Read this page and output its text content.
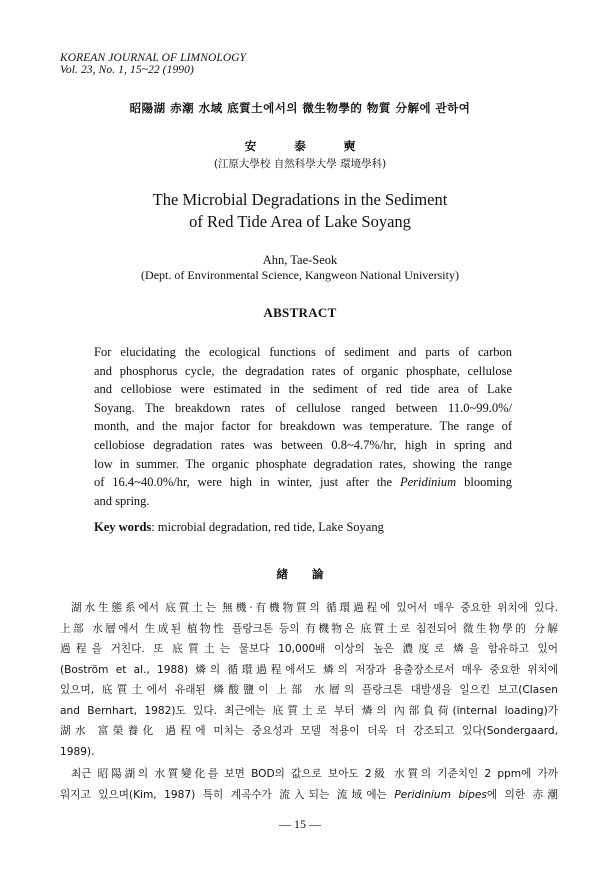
KOREAN JOURNAL OF LIMNOLOGY
Vol. 23, No. 1, 15~22 (1990)
昭陽湖 赤潮 水域 底質土에서의 微生物學的 物質 分解에 관하여
安 泰 奭
(江原大學校 自然科學大學 環境學科)
The Microbial Degradations in the Sediment
of Red Tide Area of Lake Soyang
Ahn, Tae-Seok
(Dept. of Environmental Science, Kangweon National University)
ABSTRACT
For elucidating the ecological functions of sediment and parts of carbon
and phosphorus cycle, the degradation rates of organic phosphate, cellulose
and cellobiose were estimated in the sediment of red tide area of Lake
Soyang. The breakdown rates of cellulose ranged between 11.0~99.0%/
month, and the major factor for breakdown was temperature. The range of
cellobiose degradation rates was between 0.8~4.7%/hr, high in spring and
low in summer. The organic phosphate degradation rates, showing the range
of 16.4~40.0%/hr, were high in winter, just after the Peridinium blooming
and spring.
Key words: microbial degradation, red tide, Lake Soyang
緖 論
湖水生態系에서 底質土는 無機·有機物質의 循環過程에 있어서 매우 중요한 위치에 있다.
上部 水層에서 生成된 植物性 플랑크톤 등의 有機物은 底質土로 침전되어 微生物學的 分解
過程을 거친다. 또 底質土는 물보다 10,000배 이상의 높은 濃度로 燐을 함유하고 있어
(Boström et al., 1988) 燐의 循環過程에서도 燐의 저장과 용출장소로서 매우 중요한 위치에
있으며, 底質土에서 유래된 燐酸鹽이 上部 水層의 플랑크톤 대발생을 일으킨 보고(Clasen
and Bernhart, 1982)도 있다. 최근에는 底質土로 부터 燐의 內部負荷(internal loading)가
湖水 富榮養化 過程에 미치는 중요성과 모델 적용이 더욱 더 강조되고 있다(Sondergaard,
1989).
최근 昭陽湖의 水質變化를 보면 BOD의 값으로 보아도 2級 水質의 기준치인 2 ppm에 가까
워지고 있으며(Kim, 1987) 특히 계곡수가 流入되는 流域에는 Peridinium bipes에 의한 赤潮
— 15 —
